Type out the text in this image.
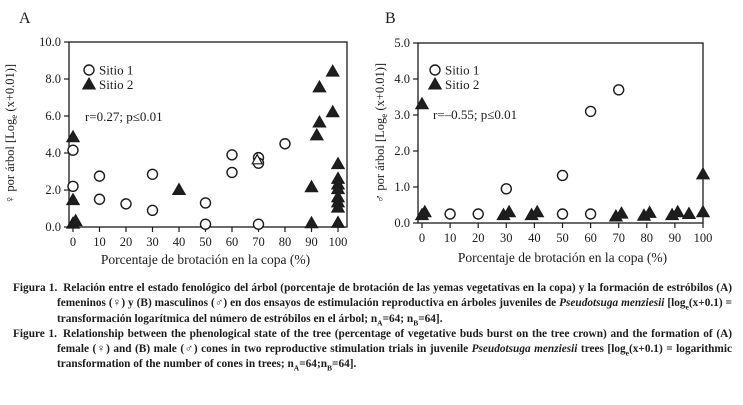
A
0.0
2.0
4.0
6.0
8.0
10.0
0 10 20 30 40 50 60 70 80 90 100
Porcentaje de brotación en la copa (%)
♀ por árbol [Log$_e$ (x+0.01)]	Sitio 1
Sitio 2
r=0.27; p≤0.01
B
0.0
1.0
2.0
3.0
4.0
5.0
0 10 20 30 40 50 60 70 80 90 100
Porcentaje de brotación en la copa (%)
♂ por árbol [Log$_e$ (x+0.01)]	Sitio 1
Sitio 2
r=–0.55; p≤0.01

Figura 1. Relación entre el estado fenológico del árbol (porcentaje de brotación de las yemas vegetativas en la copa) y la formación de estróbilos (A) femeninos (♀) y (B) masculinos (♂) en dos ensayos de estimulación reproductiva en árboles juveniles de Pseudotsuga menziesii [$\log_e(x+0.1)$ = transformación logarítmica del número de estróbilos en el árbol; $n_A=64$; $n_B=64$].

Figure 1. Relationship between the phenological state of the tree (percentage of vegetative buds burst on the tree crown) and the formation of (A) female (♀) and (B) male (♂) cones in two reproductive stimulation trials in juvenile Pseudotsuga menziesii trees [$\log_e(x+0.1)$ = logarithmic transformation of the number of cones in trees; $n_A=64;n_B=64$].
